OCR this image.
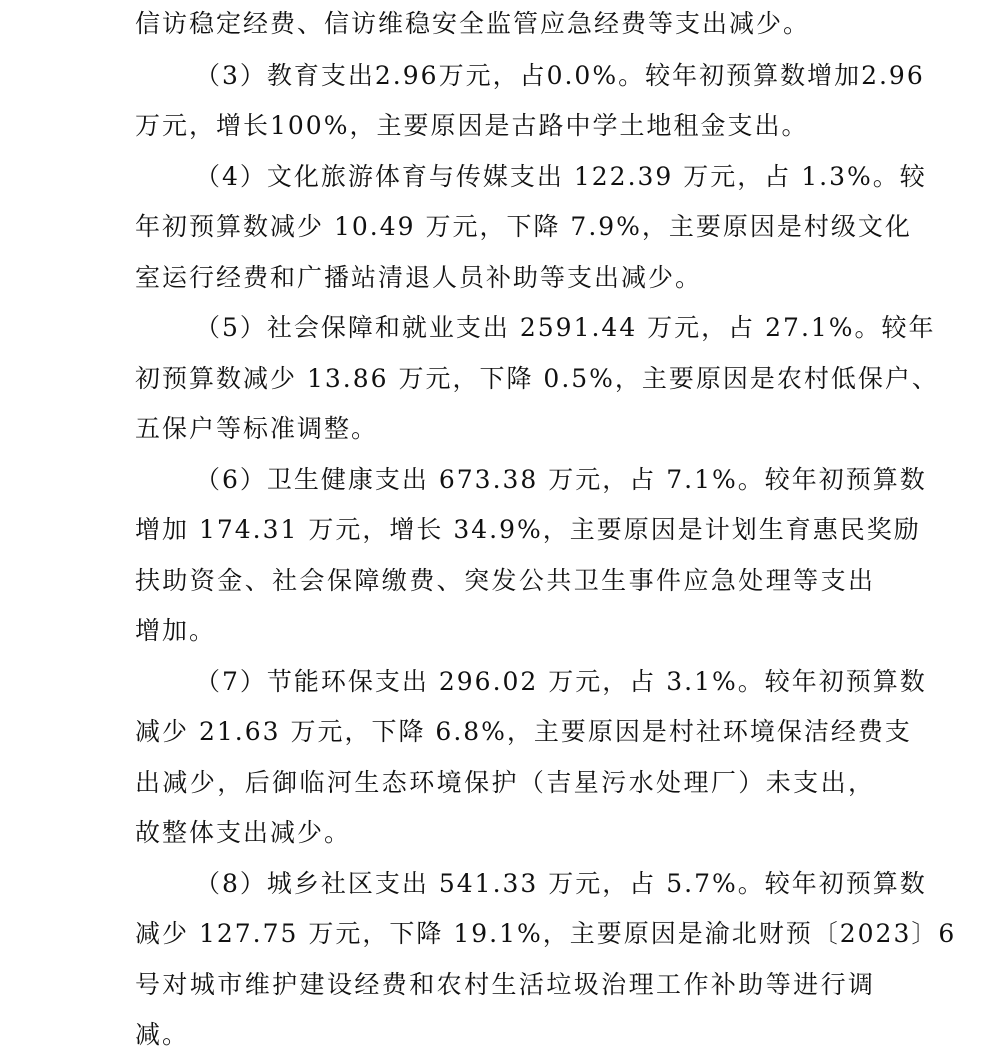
信访稳定经费、信访维稳安全监管应急经费等支出减少。
（3）教育支出2.96万元，占0.0%。较年初预算数增加2.96
万元，增长100%，主要原因是古路中学土地租金支出。
（4）文化旅游体育与传媒支出 122.39 万元，占 1.3%。较
年初预算数减少 10.49 万元，下降 7.9%，主要原因是村级文化
室运行经费和广播站清退人员补助等支出减少。
（5）社会保障和就业支出 2591.44 万元，占 27.1%。较年
初预算数减少 13.86 万元，下降 0.5%，主要原因是农村低保户、
五保户等标准调整。
（6）卫生健康支出 673.38 万元，占 7.1%。较年初预算数
增加 174.31 万元，增长 34.9%，主要原因是计划生育惠民奖励
扶助资金、社会保障缴费、突发公共卫生事件应急处理等支出
增加。
（7）节能环保支出 296.02 万元，占 3.1%。较年初预算数
减少 21.63 万元，下降 6.8%，主要原因是村社环境保洁经费支
出减少，后御临河生态环境保护（吉星污水处理厂）未支出，
故整体支出减少。
（8）城乡社区支出 541.33 万元，占 5.7%。较年初预算数
减少 127.75 万元，下降 19.1%，主要原因是渝北财预〔2023〕6
号对城市维护建设经费和农村生活垃圾治理工作补助等进行调
减。
